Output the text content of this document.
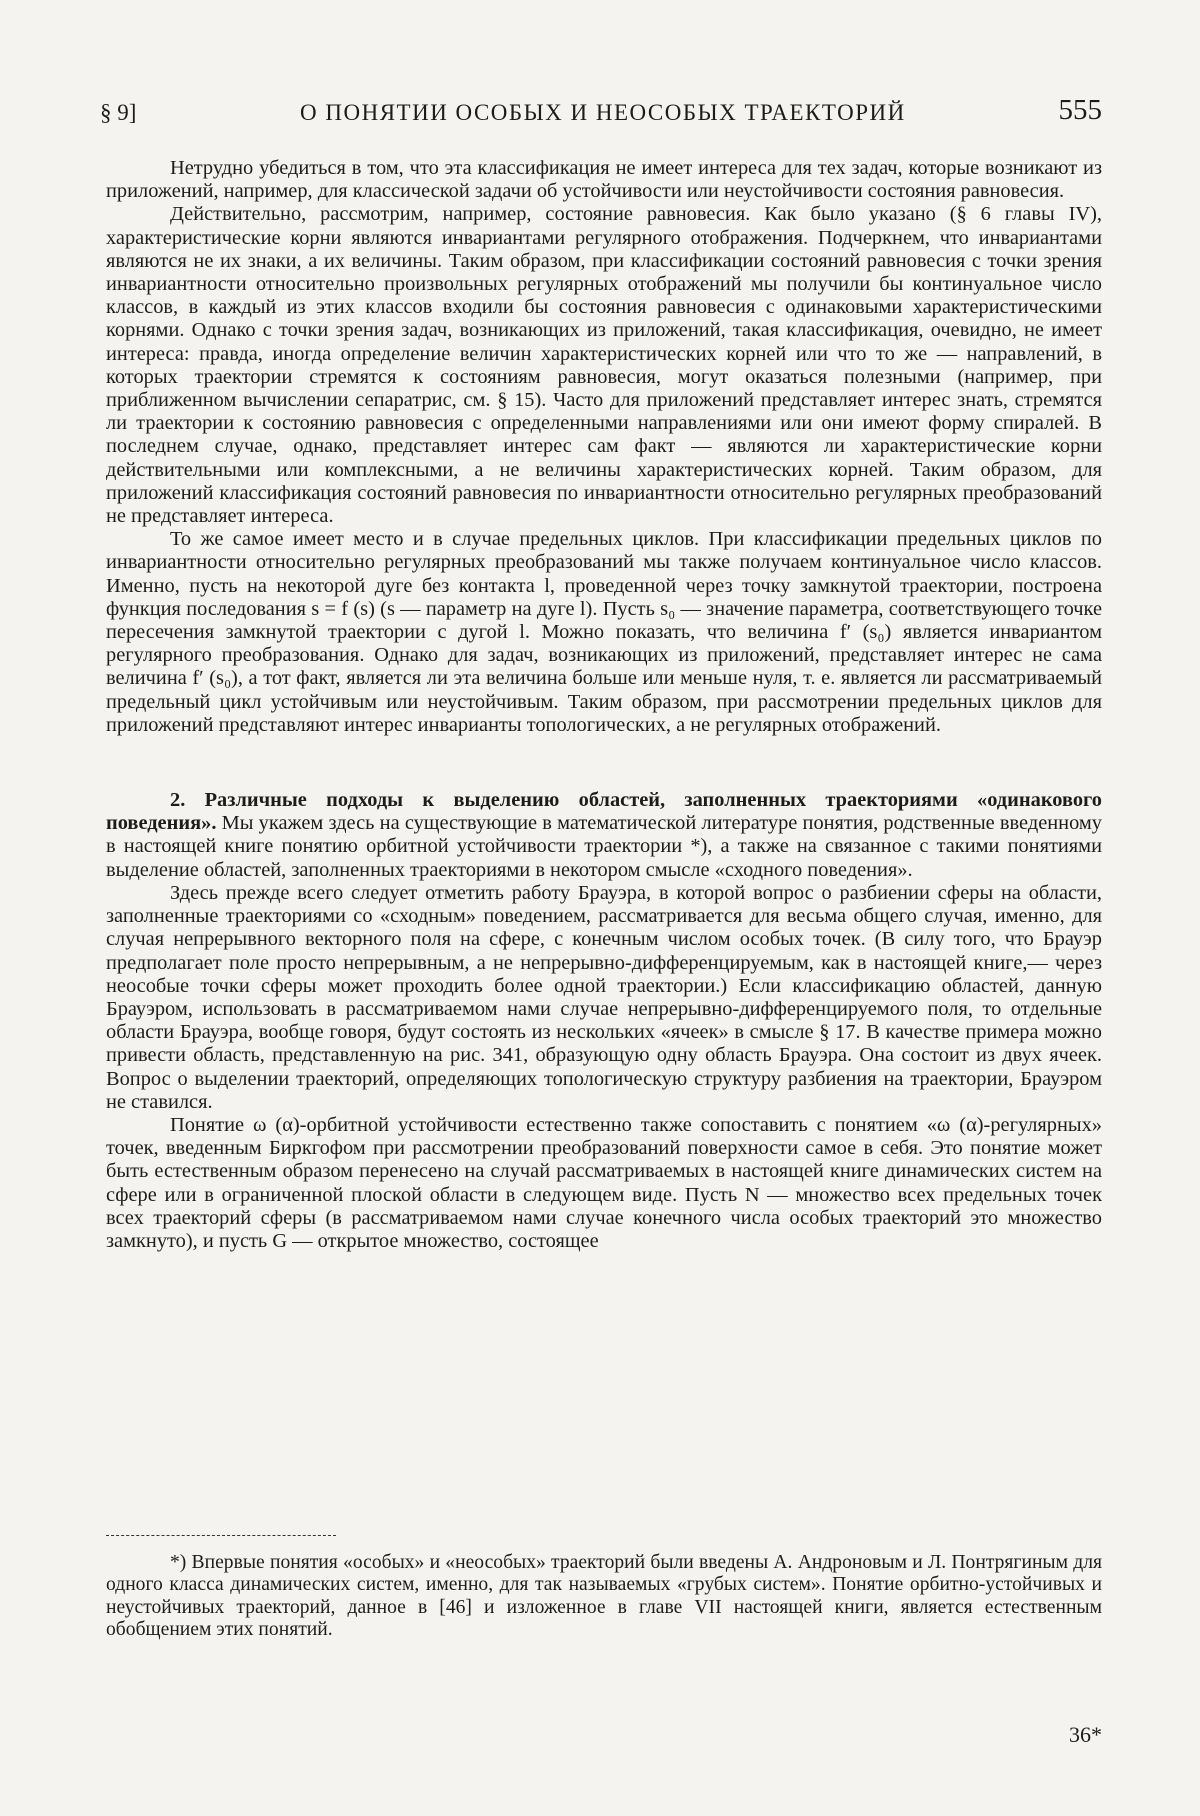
§ 9]	О ПОНЯТИИ ОСОБЫХ И НЕОСОБЫХ ТРАЕКТОРИЙ	555

Нетрудно убедиться в том, что эта классификация не имеет интереса для тех задач, которые возникают из приложений, например, для классической задачи об устойчивости или неустойчивости состояния равновесия.

Действительно, рассмотрим, например, состояние равновесия. Как было указано (§ 6 главы IV), характеристические корни являются инвариантами регулярного отображения. Подчеркнем, что инвариантами являются не их знаки, а их величины. Таким образом, при классификации состояний равновесия с точки зрения инвариантности относительно произвольных регулярных отображений мы получили бы континуальное число классов, в каждый из этих классов входили бы состояния равновесия с одинаковыми характеристическими корнями. Однако с точки зрения задач, возникающих из приложений, такая классификация, очевидно, не имеет интереса: правда, иногда определение величин характеристических корней или что то же — направлений, в которых траектории стремятся к состояниям равновесия, могут оказаться полезными (например, при приближенном вычислении сепаратрис, см. § 15). Часто для приложений представляет интерес знать, стремятся ли траектории к состоянию равновесия с определенными направлениями или они имеют форму спиралей. В последнем случае, однако, представляет интерес сам факт — являются ли характеристические корни действительными или комплексными, а не величины характеристических корней. Таким образом, для приложений классификация состояний равновесия по инвариантности относительно регулярных преобразований не представляет интереса.

То же самое имеет место и в случае предельных циклов. При классификации предельных циклов по инвариантности относительно регулярных преобразований мы также получаем континуальное число классов. Именно, пусть на некоторой дуге без контакта l, проведенной через точку замкнутой траектории, построена функция последования s = f (s) (s — параметр на дуге l). Пусть s₀ — значение параметра, соответствующего точке пересечения замкнутой траектории с дугой l. Можно показать, что величина f′ (s₀) является инвариантом регулярного преобразования. Однако для задач, возникающих из приложений, представляет интерес не сама величина f′ (s₀), а тот факт, является ли эта величина больше или меньше нуля, т. е. является ли рассматриваемый предельный цикл устойчивым или неустойчивым. Таким образом, при рассмотрении предельных циклов для приложений представляют интерес инварианты топологических, а не регулярных отображений.

2. Различные подходы к выделению областей, заполненных траекториями «одинакового поведения». Мы укажем здесь на существующие в математической литературе понятия, родственные введенному в настоящей книге понятию орбитной устойчивости траектории *), а также на связанное с такими понятиями выделение областей, заполненных траекториями в некотором смысле «сходного поведения».

Здесь прежде всего следует отметить работу Брауэра, в которой вопрос о разбиении сферы на области, заполненные траекториями со «сходным» поведением, рассматривается для весьма общего случая, именно, для случая непрерывного векторного поля на сфере, с конечным числом особых точек. (В силу того, что Брауэр предполагает поле просто непрерывным, а не непрерывно-дифференцируемым, как в настоящей книге,— через неособые точки сферы может проходить более одной траектории.) Если классификацию областей, данную Брауэром, использовать в рассматриваемом нами случае непрерывно-дифференцируемого поля, то отдельные области Брауэра, вообще говоря, будут состоять из нескольких «ячеек» в смысле § 17. В качестве примера можно привести область, представленную на рис. 341, образующую одну область Брауэра. Она состоит из двух ячеек. Вопрос о выделении траекторий, определяющих топологическую структуру разбиения на траектории, Брауэром не ставился.

Понятие ω (α)-орбитной устойчивости естественно также сопоставить с понятием «ω (α)-регулярных» точек, введенным Биркгофом при рассмотрении преобразований поверхности самое в себя. Это понятие может быть естественным образом перенесено на случай рассматриваемых в настоящей книге динамических систем на сфере или в ограниченной плоской области в следующем виде. Пусть N — множество всех предельных точек всех траекторий сферы (в рассматриваемом нами случае конечного числа особых траекторий это множество замкнуто), и пусть G — открытое множество, состоящее

*) Впервые понятия «особых» и «неособых» траекторий были введены А. Андроновым и Л. Понтрягиным для одного класса динамических систем, именно, для так называемых «грубых систем». Понятие орбитно-устойчивых и неустойчивых траекторий, данное в [46] и изложенное в главе VII настоящей книги, является естественным обобщением этих понятий.

36*
